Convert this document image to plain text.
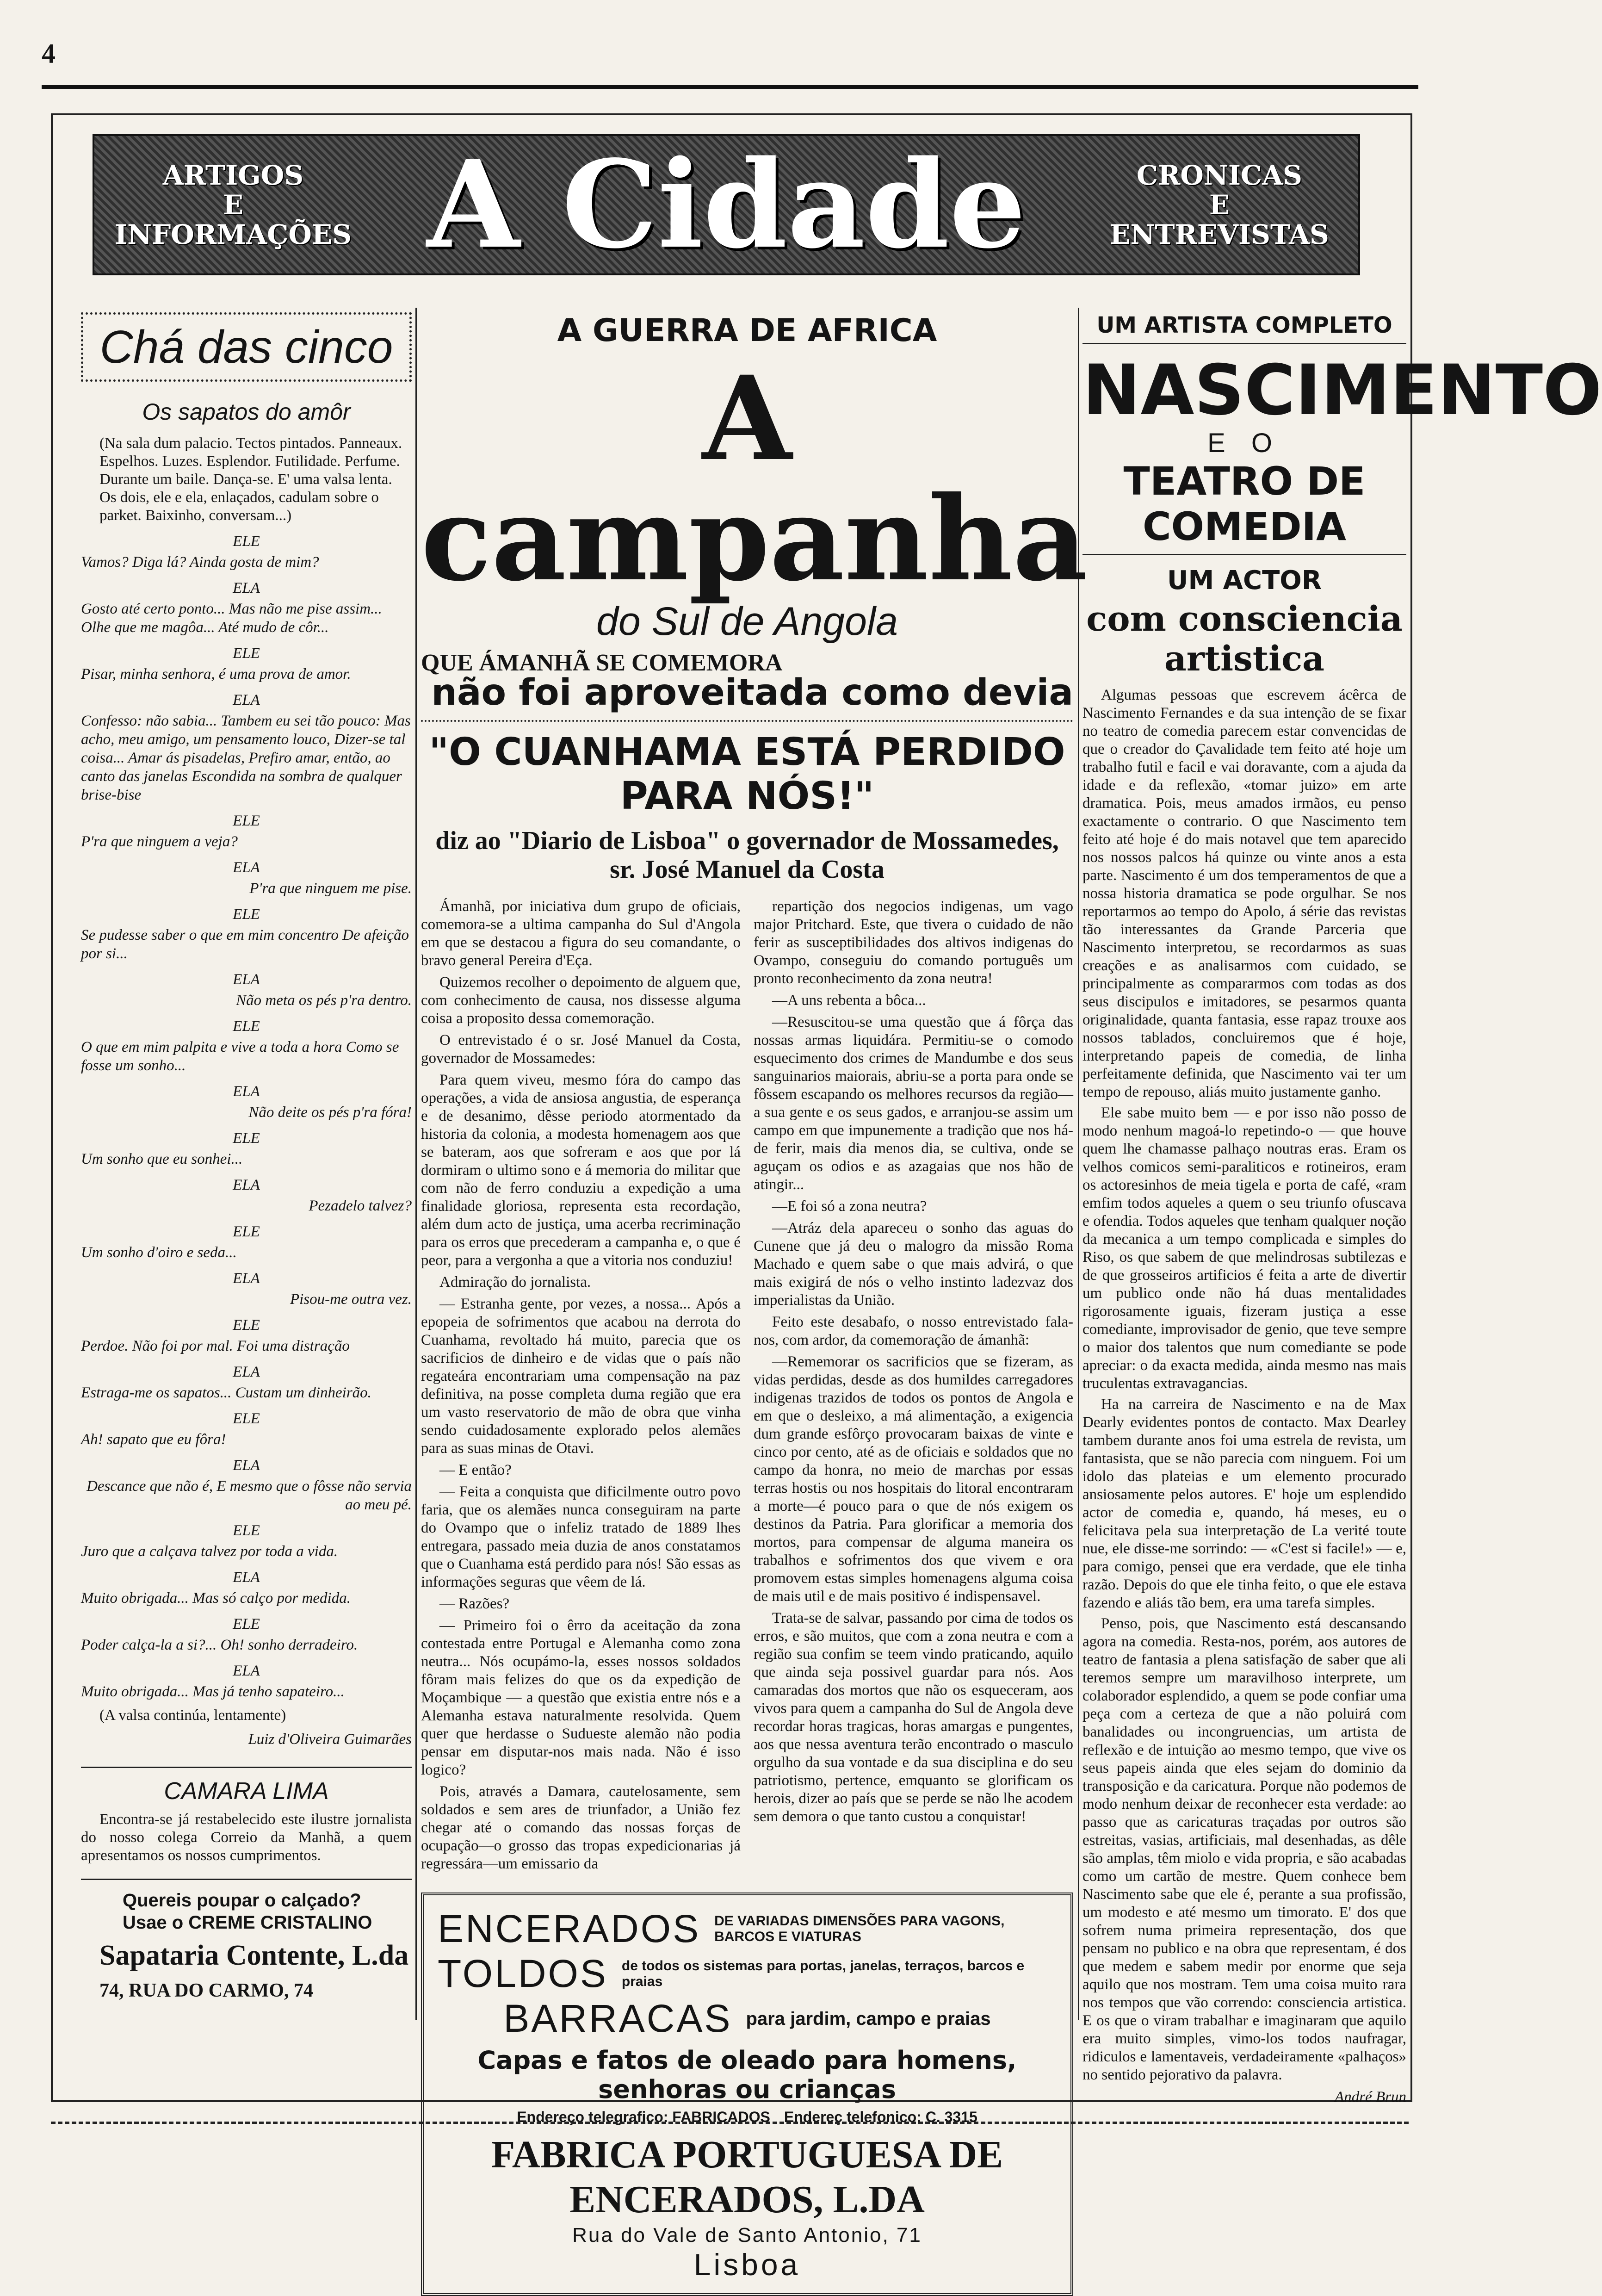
4
ARTIGOS
E
INFORMAÇÕES A Cidade	CRONICAS
E
ENTREVISTAS
Chá das cinco
Os sapatos do amôr
(Na sala dum palacio. Tectos pintados. Panneaux. Espelhos. Luzes. Esplendor. Futilidade. Perfume. Durante um baile. Dança-se. E' uma valsa lenta. Os dois, ele e ela, enlaçados, cadulam sobre o parket. Baixinho, conversam...)
ELE

Vamos? Diga lá? Ainda gosta de mim?

ELA

Gosto até certo ponto... Mas não me pise assim... Olhe que me magôa... Até mudo de côr...

ELE

Pisar, minha senhora, é uma prova de amor.

ELA

Confesso: não sabia... Tambem eu sei tão pouco: Mas acho, meu amigo, um pensamento louco, Dizer-se tal coisa... Amar ás pisadelas, Prefiro amar, então, ao canto das janelas Escondida na sombra de qualquer brise-bise

ELE

P'ra que ninguem a veja?

ELA

P'ra que ninguem me pise.

ELE

Se pudesse saber o que em mim concentro De afeição por si...

ELA

Não meta os pés p'ra dentro.

ELE

O que em mim palpita e vive a toda a hora Como se fosse um sonho...

ELA

Não deite os pés p'ra fóra!

ELE

Um sonho que eu sonhei...

ELA

Pezadelo talvez?

ELE

Um sonho d'oiro e seda...

ELA

Pisou-me outra vez.

ELE

Perdoe. Não foi por mal. Foi uma distração

ELA

Estraga-me os sapatos... Custam um dinheirão.

ELE

Ah! sapato que eu fôra!

ELA

Descance que não é, E mesmo que o fôsse não servia ao meu pé.

ELE

Juro que a calçava talvez por toda a vida.

ELA

Muito obrigada... Mas só calço por medida.

ELE

Poder calça-la a si?... Oh! sonho derradeiro.

ELA

Muito obrigada... Mas já tenho sapateiro...

(A valsa continúa, lentamente)
Luiz d'Oliveira Guimarães
CAMARA LIMA
Encontra-se já restabelecido este ilustre jornalista do nosso colega Correio da Manhã, a quem apresentamos os nossos cumprimentos.
Quereis poupar o calçado?
Usae o CREME CRISTALINO
Sapataria Contente, L.da
74, RUA DO CARMO, 74
A GUERRA DE AFRICA
A campanha
do Sul de Angola
QUE ÁMANHÃ SE COMEMORA
não foi aproveitada como devia
"O CUANHAMA ESTÁ PERDIDO PARA NÓS!"
diz ao "Diario de Lisboa" o governador de Mossamedes, sr. José Manuel da Costa

Ámanhã, por iniciativa dum grupo de oficiais, comemora-se a ultima campanha do Sul d'Angola em que se destacou a figura do seu comandante, o bravo general Pereira d'Eça.

Quizemos recolher o depoimento de alguem que, com conhecimento de causa, nos dissesse alguma coisa a proposito dessa comemoração.

O entrevistado é o sr. José Manuel da Costa, governador de Mossamedes:

Para quem viveu, mesmo fóra do campo das operações, a vida de ansiosa angustia, de esperança e de desanimo, dêsse periodo atormentado da historia da colonia, a modesta homenagem aos que se bateram, aos que sofreram e aos que por lá dormiram o ultimo sono e á memoria do militar que com não de ferro conduziu a expedição a uma finalidade gloriosa, representa esta recordação, além dum acto de justiça, uma acerba recriminação para os erros que precederam a campanha e, o que é peor, para a vergonha a que a vitoria nos conduziu!

Admiração do jornalista.

— Estranha gente, por vezes, a nossa... Após a epopeia de sofrimentos que acabou na derrota do Cuanhama, revoltado há muito, parecia que os sacrificios de dinheiro e de vidas que o país não regateára encontrariam uma compensação na paz definitiva, na posse completa duma região que era um vasto reservatorio de mão de obra que vinha sendo cuidadosamente explorado pelos alemães para as suas minas de Otavi.

— E então?

— Feita a conquista que dificilmente outro povo faria, que os alemães nunca conseguiram na parte do Ovampo que o infeliz tratado de 1889 lhes entregara, passado meia duzia de anos constatamos que o Cuanhama está perdido para nós! São essas as informações seguras que vêem de lá.

— Razões?

— Primeiro foi o êrro da aceitação da zona contestada entre Portugal e Alemanha como zona neutra... Nós ocupámo-la, esses nossos soldados fôram mais felizes do que os da expedição de Moçambique — a questão que existia entre nós e a Alemanha estava naturalmente resolvida. Quem quer que herdasse o Sudueste alemão não podia pensar em disputar-nos mais nada. Não é isso logico?

Pois, através a Damara, cautelosamente, sem soldados e sem ares de triunfador, a União fez chegar até o comando das nossas forças de ocupação—o grosso das tropas expedicionarias já regressára—um emissario da

repartição dos negocios indigenas, um vago major Pritchard. Este, que tivera o cuidado de não ferir as susceptibilidades dos altivos indigenas do Ovampo, conseguiu do comando português um pronto reconhecimento da zona neutra!

—A uns rebenta a bôca...

—Resuscitou-se uma questão que á fôrça das nossas armas liquidára. Permitiu-se o comodo esquecimento dos crimes de Mandumbe e dos seus sanguinarios maiorais, abriu-se a porta para onde se fôssem escapando os melhores recursos da região—a sua gente e os seus gados, e arranjou-se assim um campo em que impunemente a tradição que nos há-de ferir, mais dia menos dia, se cultiva, onde se aguçam os odios e as azagaias que nos hão de atingir...

—E foi só a zona neutra?

—Atráz dela apareceu o sonho das aguas do Cunene que já deu o malogro da missão Roma Machado e quem sabe o que mais advirá, o que mais exigirá de nós o velho instinto ladezvaz dos imperialistas da União.

Feito este desabafo, o nosso entrevistado fala-nos, com ardor, da comemoração de ámanhã:

—Rememorar os sacrificios que se fizeram, as vidas perdidas, desde as dos humildes carregadores indigenas trazidos de todos os pontos de Angola e em que o desleixo, a má alimentação, a exigencia dum grande esfôrço provocaram baixas de vinte e cinco por cento, até as de oficiais e soldados que no campo da honra, no meio de marchas por essas terras hostis ou nos hospitais do litoral encontraram a morte—é pouco para o que de nós exigem os destinos da Patria. Para glorificar a memoria dos mortos, para compensar de alguma maneira os trabalhos e sofrimentos dos que vivem e ora promovem estas simples homenagens alguma coisa de mais util e de mais positivo é indispensavel.

Trata-se de salvar, passando por cima de todos os erros, e são muitos, que com a zona neutra e com a região sua confim se teem vindo praticando, aquilo que ainda seja possivel guardar para nós. Aos camaradas dos mortos que não os esqueceram, aos vivos para quem a campanha do Sul de Angola deve recordar horas tragicas, horas amargas e pungentes, aos que nessa aventura terão encontrado o masculo orgulho da sua vontade e da sua disciplina e do seu patriotismo, pertence, emquanto se glorificam os herois, dizer ao país que se perde se não lhe acodem sem demora o que tanto custou a conquistar!

ENCERADOS DE VARIADAS DIMENSÕES PARA VAGONS, BARCOS E VIATURAS
TOLDOS de todos os sistemas para portas, janelas, terraços, barcos e praias
BARRACAS para jardim, campo e praias
Capas e fatos de oleado para homens, senhoras ou crianças
Endereço telegrafico: FABRICADOS Endereç telefonico: C. 3315
FABRICA PORTUGUESA DE ENCERADOS, L.DA
Rua do Vale de Santo Antonio, 71
Lisboa
UM ARTISTA COMPLETO
NASCIMENTO
E O
TEATRO DE COMEDIA
UM ACTOR
com consciencia artistica

Algumas pessoas que escrevem ácêrca de Nascimento Fernandes e da sua intenção de se fixar no teatro de comedia parecem estar convencidas de que o creador do Çavalidade tem feito até hoje um trabalho futil e facil e vai doravante, com a ajuda da idade e da reflexão, «tomar juizo» em arte dramatica. Pois, meus amados irmãos, eu penso exactamente o contrario. O que Nascimento tem feito até hoje é do mais notavel que tem aparecido nos nossos palcos há quinze ou vinte anos a esta parte. Nascimento é um dos temperamentos de que a nossa historia dramatica se pode orgulhar. Se nos reportarmos ao tempo do Apolo, á série das revistas tão interessantes da Grande Parceria que Nascimento interpretou, se recordarmos as suas creações e as analisarmos com cuidado, se principalmente as compararmos com todas as dos seus discipulos e imitadores, se pesarmos quanta originalidade, quanta fantasia, esse rapaz trouxe aos nossos tablados, concluiremos que é hoje, interpretando papeis de comedia, de linha perfeitamente definida, que Nascimento vai ter um tempo de repouso, aliás muito justamente ganho.

Ele sabe muito bem — e por isso não posso de modo nenhum magoá-lo repetindo-o — que houve quem lhe chamasse palhaço noutras eras. Eram os velhos comicos semi-paraliticos e rotineiros, eram os actoresinhos de meia tigela e porta de café, «ram emfim todos aqueles a quem o seu triunfo ofuscava e ofendia. Todos aqueles que tenham qualquer noção da mecanica a um tempo complicada e simples do Riso, os que sabem de que melindrosas subtilezas e de que grosseiros artificios é feita a arte de divertir um publico onde não há duas mentalidades rigorosamente iguais, fizeram justiça a esse comediante, improvisador de genio, que teve sempre o maior dos talentos que num comediante se pode apreciar: o da exacta medida, ainda mesmo nas mais truculentas extravagancias.

Ha na carreira de Nascimento e na de Max Dearly evidentes pontos de contacto. Max Dearley tambem durante anos foi uma estrela de revista, um fantasista, que se não parecia com ninguem. Foi um idolo das plateias e um elemento procurado ansiosamente pelos autores. E' hoje um esplendido actor de comedia e, quando, há meses, eu o felicitava pela sua interpretação de La verité toute nue, ele disse-me sorrindo: — «C'est si facile!» — e, para comigo, pensei que era verdade, que ele tinha razão. Depois do que ele tinha feito, o que ele estava fazendo e aliás tão bem, era uma tarefa simples.

Penso, pois, que Nascimento está descansando agora na comedia. Resta-nos, porém, aos autores de teatro de fantasia a plena satisfação de saber que ali teremos sempre um maravilhoso interprete, um colaborador esplendido, a quem se pode confiar uma peça com a certeza de que a não poluirá com banalidades ou incongruencias, um artista de reflexão e de intuição ao mesmo tempo, que vive os seus papeis ainda que eles sejam do dominio da transposição e da caricatura. Porque não podemos de modo nenhum deixar de reconhecer esta verdade: ao passo que as caricaturas traçadas por outros são estreitas, vasias, artificiais, mal desenhadas, as dêle são amplas, têm miolo e vida propria, e são acabadas como um cartão de mestre. Quem conhece bem Nascimento sabe que ele é, perante a sua profissão, um modesto e até mesmo um timorato. E' dos que sofrem numa primeira representação, dos que pensam no publico e na obra que representam, é dos que medem e sabem medir por enorme que seja aquilo que nos mostram. Tem uma coisa muito rara nos tempos que vão correndo: consciencia artistica. E os que o viram trabalhar e imaginaram que aquilo era muito simples, vimo-los todos naufragar, ridiculos e lamentaveis, verdadeiramente «palhaços» no sentido pejorativo da palavra.

André Brun
